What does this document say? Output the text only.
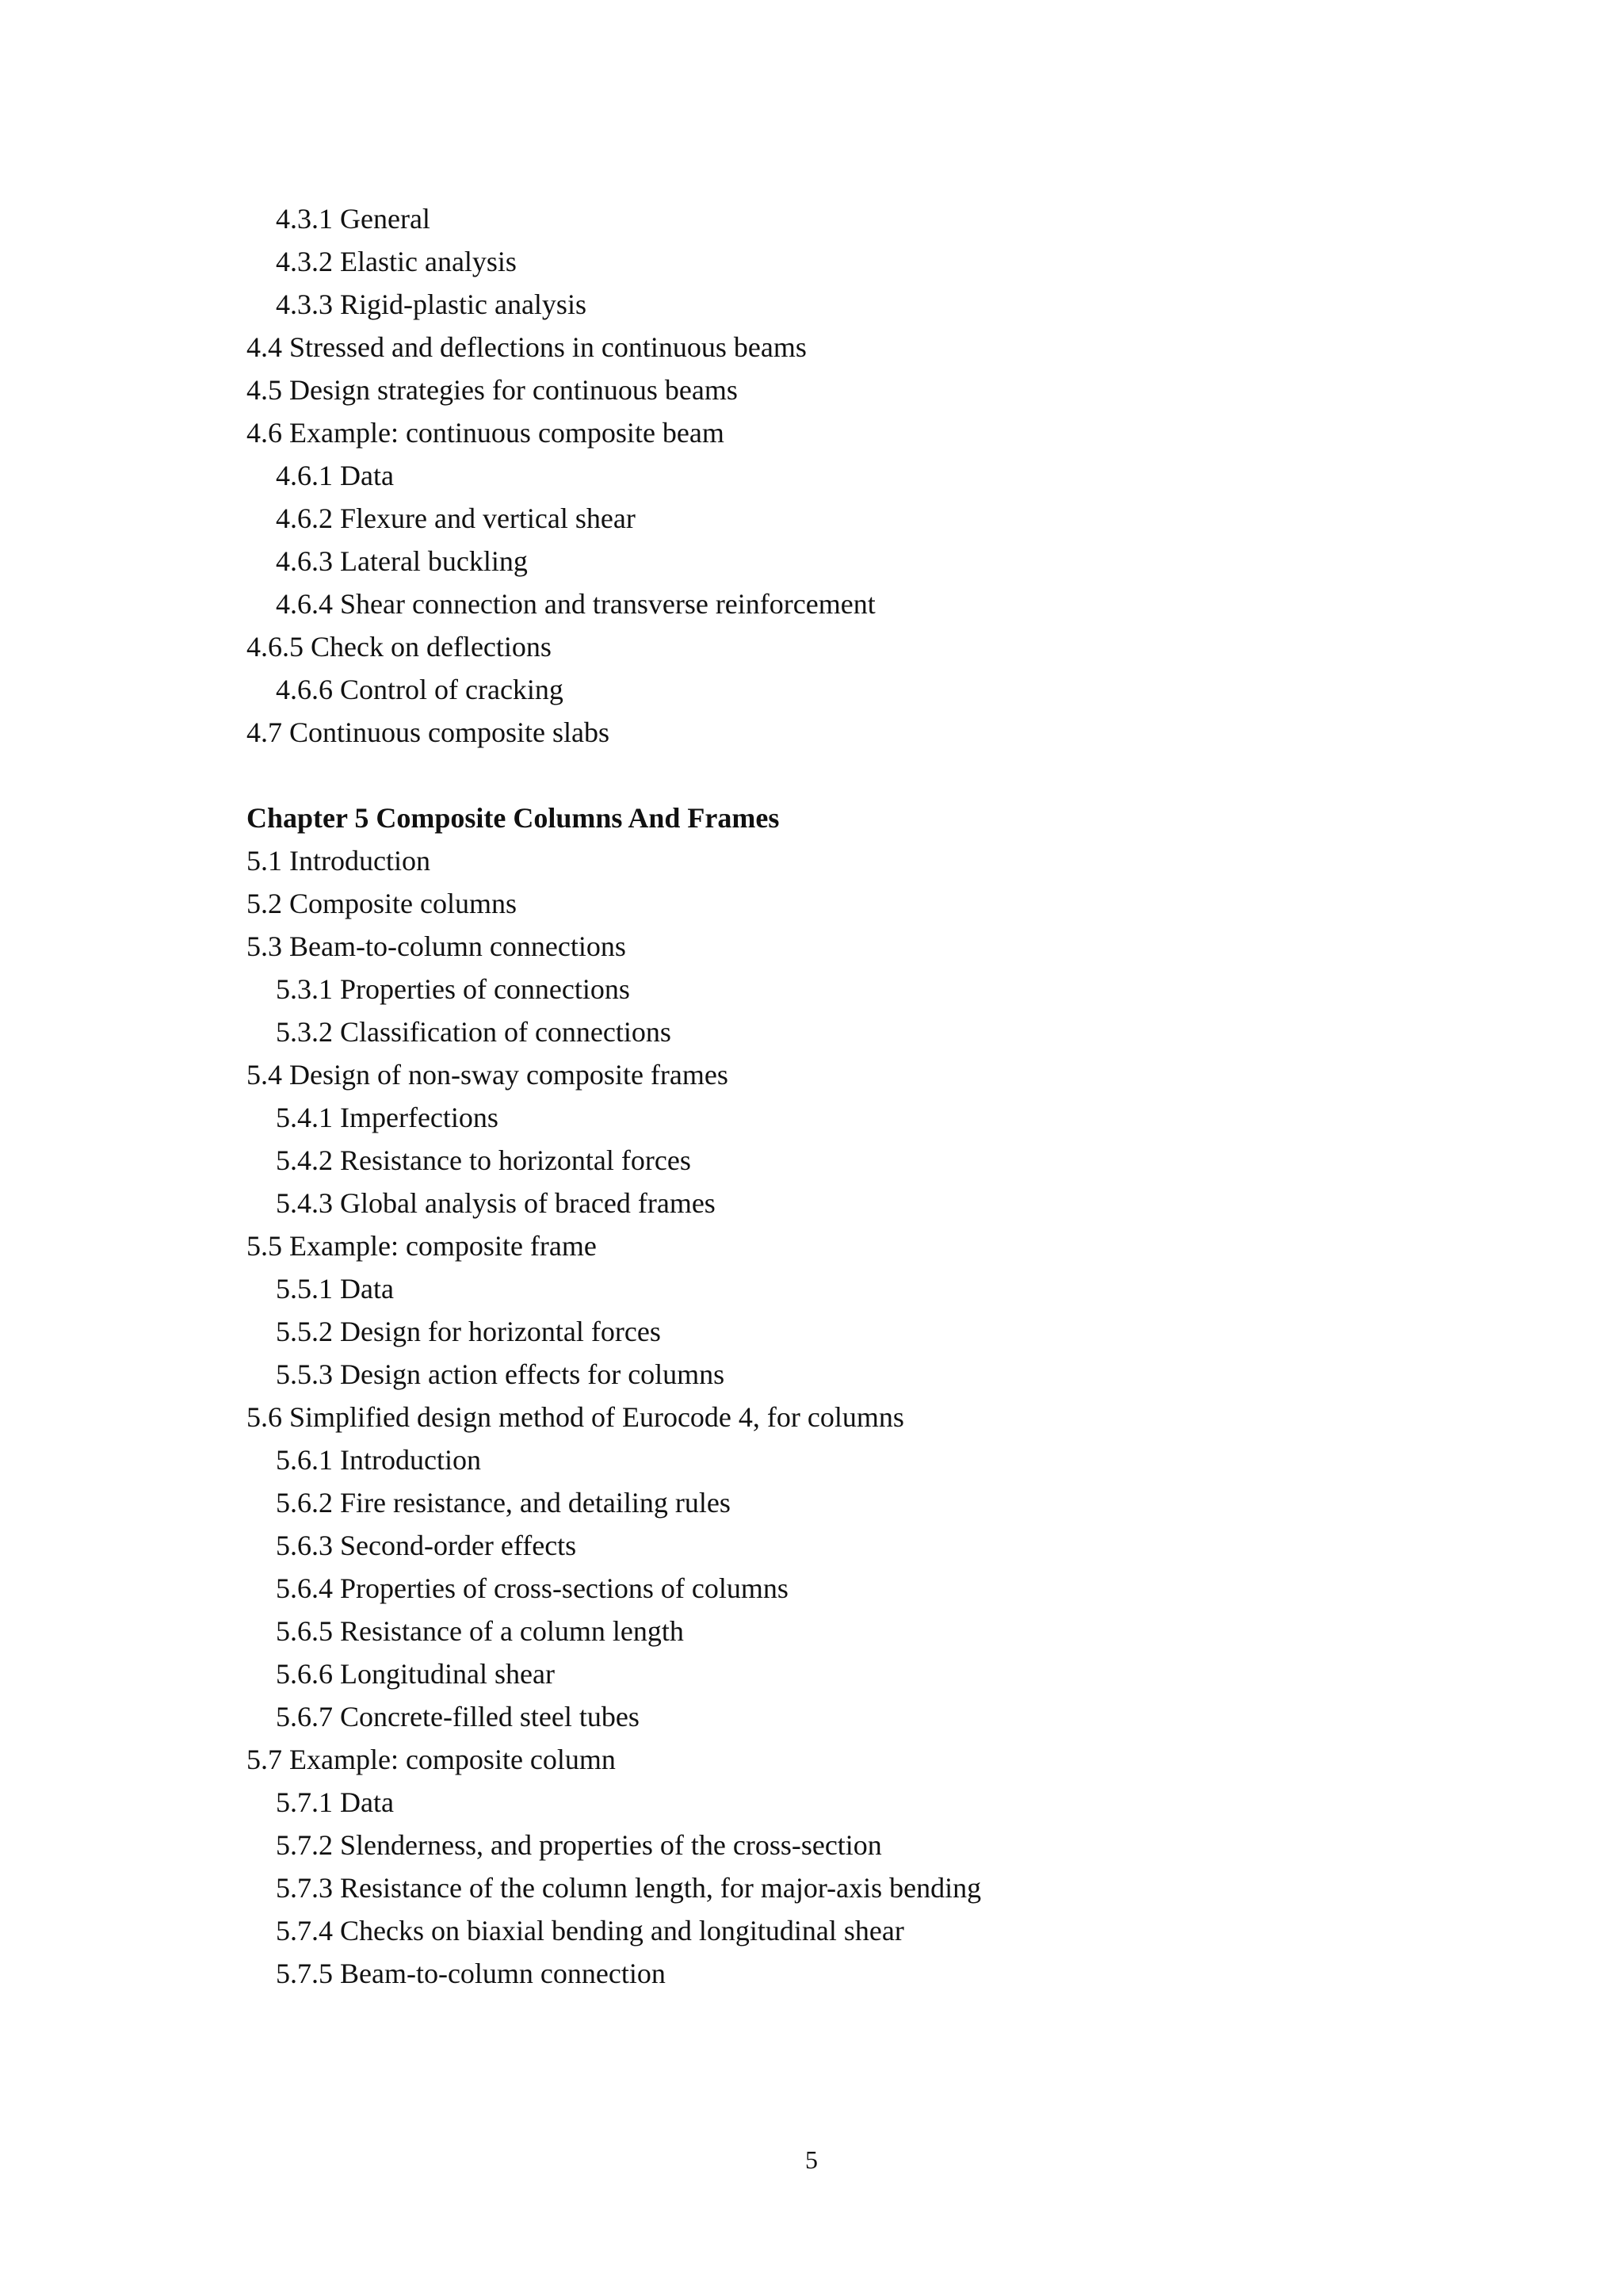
4.3.1 General
4.3.2 Elastic analysis
4.3.3 Rigid-plastic analysis
4.4 Stressed and deflections in continuous beams
4.5 Design strategies for continuous beams
4.6 Example: continuous composite beam
4.6.1 Data
4.6.2 Flexure and vertical shear
4.6.3 Lateral buckling
4.6.4 Shear connection and transverse reinforcement
4.6.5 Check on deflections
4.6.6 Control of cracking
4.7 Continuous composite slabs
Chapter 5 Composite Columns And Frames
5.1 Introduction
5.2 Composite columns
5.3 Beam-to-column connections
5.3.1 Properties of connections
5.3.2 Classification of connections
5.4 Design of non-sway composite frames
5.4.1 Imperfections
5.4.2 Resistance to horizontal forces
5.4.3 Global analysis of braced frames
5.5 Example: composite frame
5.5.1 Data
5.5.2 Design for horizontal forces
5.5.3 Design action effects for columns
5.6 Simplified design method of Eurocode 4, for columns
5.6.1 Introduction
5.6.2 Fire resistance, and detailing rules
5.6.3 Second-order effects
5.6.4 Properties of cross-sections of columns
5.6.5 Resistance of a column length
5.6.6 Longitudinal shear
5.6.7 Concrete-filled steel tubes
5.7 Example: composite column
5.7.1 Data
5.7.2 Slenderness, and properties of the cross-section
5.7.3 Resistance of the column length, for major-axis bending
5.7.4 Checks on biaxial bending and longitudinal shear
5.7.5 Beam-to-column connection
5
